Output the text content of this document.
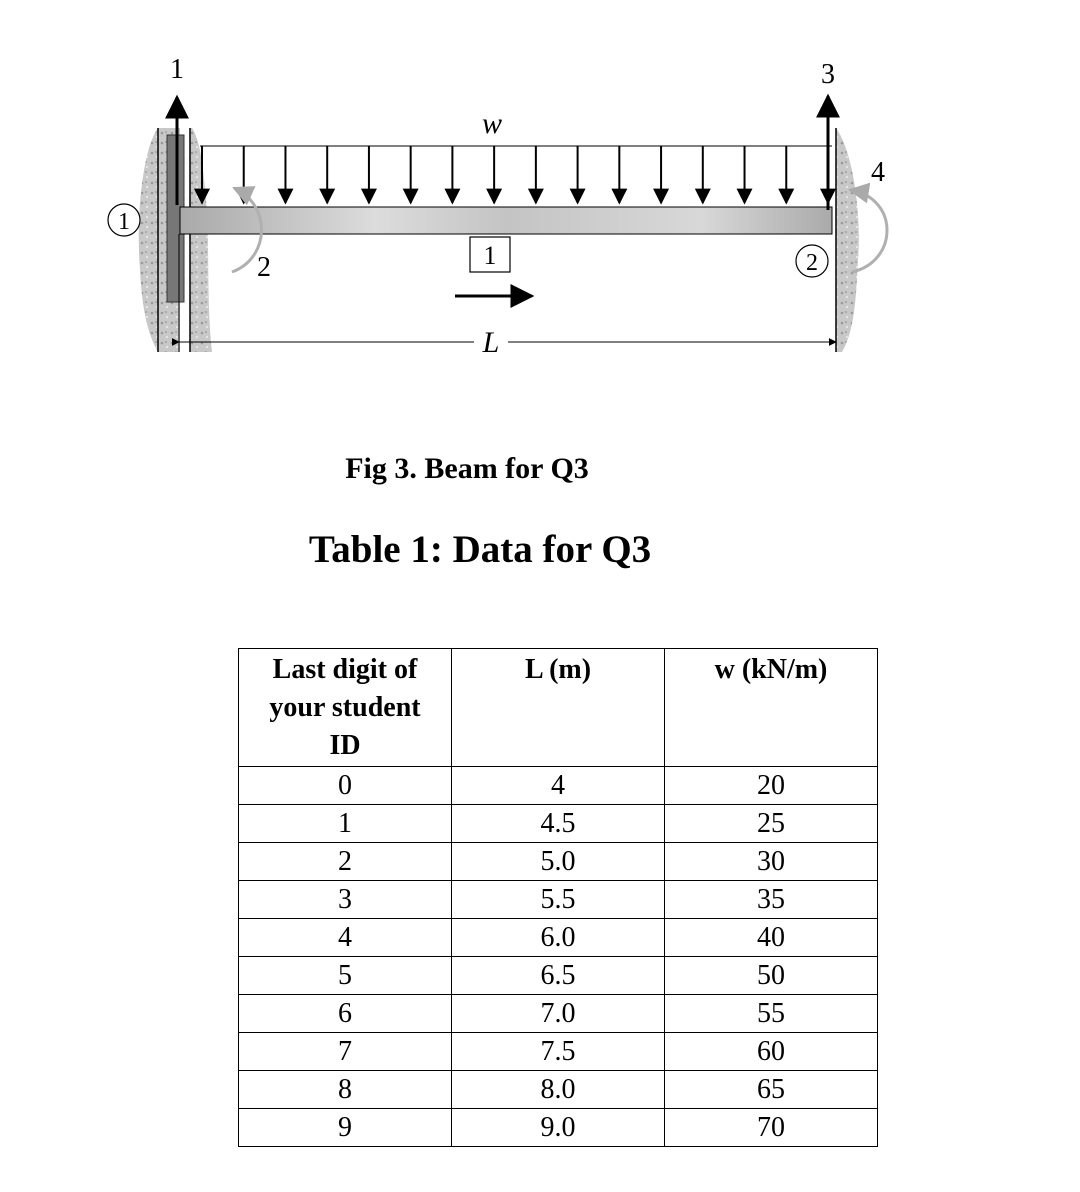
1
2
1
1
2
3
4
w
L
Fig 3. Beam for Q3
Table 1: Data for Q3
Last digit of
your student
ID	L (m)	w (kN/m)
0	4	20
1	4.5	25
2	5.0	30
3	5.5	35
4	6.0	40
5	6.5	50
6	7.0	55
7	7.5	60
8	8.0	65
9	9.0	70
